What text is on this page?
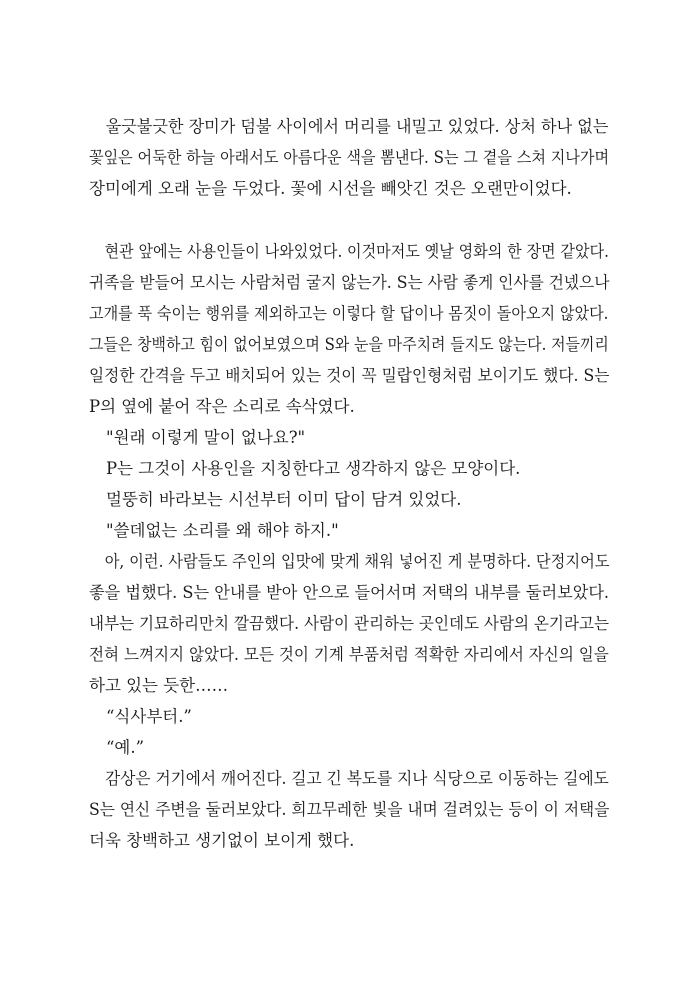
울긋불긋한 장미가 덤불 사이에서 머리를 내밀고 있었다. 상처 하나 없는
꽃잎은 어둑한 하늘 아래서도 아름다운 색을 뽐낸다. S는 그 곁을 스쳐 지나가며
장미에게 오래 눈을 두었다. 꽃에 시선을 빼앗긴 것은 오랜만이었다.
현관 앞에는 사용인들이 나와있었다. 이것마저도 옛날 영화의 한 장면 같았다.
귀족을 받들어 모시는 사람처럼 굴지 않는가. S는 사람 좋게 인사를 건넸으나
고개를 푹 숙이는 행위를 제외하고는 이렇다 할 답이나 몸짓이 돌아오지 않았다.
그들은 창백하고 힘이 없어보였으며 S와 눈을 마주치려 들지도 않는다. 저들끼리
일정한 간격을 두고 배치되어 있는 것이 꼭 밀랍인형처럼 보이기도 했다. S는
P의 옆에 붙어 작은 소리로 속삭였다.
"원래 이렇게 말이 없나요?"
P는 그것이 사용인을 지칭한다고 생각하지 않은 모양이다.
멀뚱히 바라보는 시선부터 이미 답이 담겨 있었다.
"쓸데없는 소리를 왜 해야 하지."
아, 이런. 사람들도 주인의 입맛에 맞게 채워 넣어진 게 분명하다. 단정지어도
좋을 법했다. S는 안내를 받아 안으로 들어서며 저택의 내부를 둘러보았다.
내부는 기묘하리만치 깔끔했다. 사람이 관리하는 곳인데도 사람의 온기라고는
전혀 느껴지지 않았다. 모든 것이 기계 부품처럼 적확한 자리에서 자신의 일을
하고 있는 듯한……
“식사부터.”
“예.”
감상은 거기에서 깨어진다. 길고 긴 복도를 지나 식당으로 이동하는 길에도
S는 연신 주변을 둘러보았다. 희끄무레한 빛을 내며 걸려있는 등이 이 저택을
더욱 창백하고 생기없이 보이게 했다.
